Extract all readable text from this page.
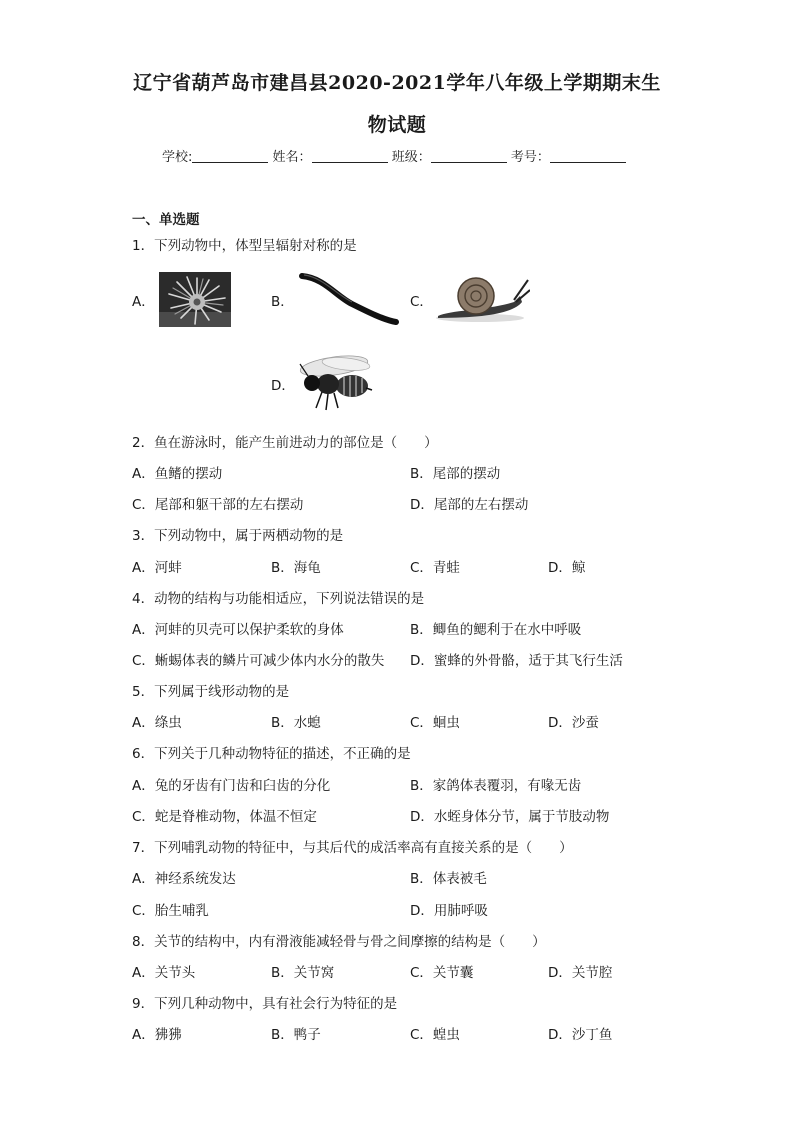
辽宁省葫芦岛市建昌县2020-2021学年八年级上学期期末生
物试题
学校:	姓名：	班级：	考号：
一、单选题
1．下列动物中，体型呈辐射对称的是
A．	B．	C．
D．
2．鱼在游泳时，能产生前进动力的部位是（　　）
A．鱼鳍的摆动	B．尾部的摆动
C．尾部和躯干部的左右摆动	D．尾部的左右摆动
3．下列动物中，属于两栖动物的是
A．河蚌	B．海龟	C．青蛙	D．鲸
4．动物的结构与功能相适应，下列说法错误的是
A．河蚌的贝壳可以保护柔软的身体	B．鲫鱼的鳃利于在水中呼吸
C．蜥蜴体表的鳞片可减少体内水分的散失 D．蜜蜂的外骨骼，适于其飞行生活
5．下列属于线形动物的是
A．绦虫	B．水螅	C．蛔虫	D．沙蚕
6．下列关于几种动物特征的描述，不正确的是
A．兔的牙齿有门齿和臼齿的分化	B．家鸽体表覆羽，有喙无齿
C．蛇是脊椎动物，体温不恒定	D．水蛭身体分节，属于节肢动物
7．下列哺乳动物的特征中，与其后代的成活率高有直接关系的是（　　）
A．神经系统发达	B．体表被毛
C．胎生哺乳	D．用肺呼吸
8．关节的结构中，内有滑液能减轻骨与骨之间摩擦的结构是（　　）
A．关节头	B．关节窝	C．关节囊	D．关节腔
9．下列几种动物中，具有社会行为特征的是
A．狒狒	B．鸭子	C．蝗虫	D．沙丁鱼
